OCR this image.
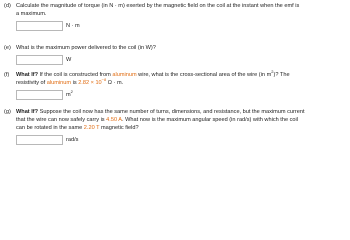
(d) Calculate the magnitude of torque (in N · m) exerted by the magnetic field on the coil at the instant when the emf is
a maximum.
N · m
(e) What is the maximum power delivered to the coil (in W)?
W
(f)	What If? If the coil is constructed from aluminum wire, what is the cross-sectional area of the wire (in $m^2$)? The
resistivity of aluminum is $2.82 \times 10^{-8}$ Ω · m.
$m^2$
(g) What If? Suppose the coil now has the same number of turns, dimensions, and resistance, but the maximum current
that the wire can now safely carry is 4.50 A. What now is the maximum angular speed (in rad/s) with which the coil
can be rotated in the same 2.20 T magnetic field?
rad/s
